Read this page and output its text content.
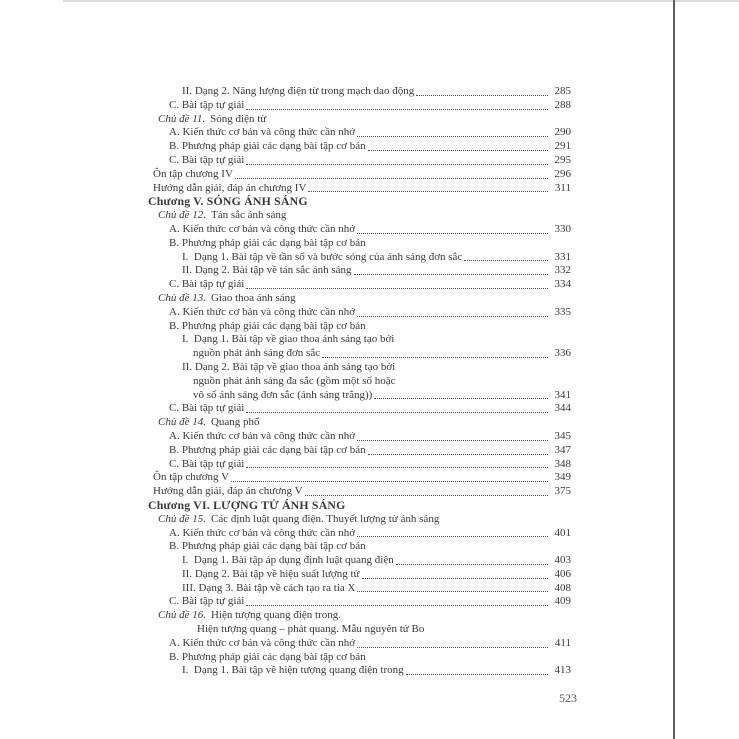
II. Dạng 2. Năng lượng điện từ trong mạch dao động	285
C. Bài tập tự giải	288
Chủ đề 11. Sóng điện từ
A. Kiến thức cơ bản và công thức cần nhớ	290
B. Phương pháp giải các dạng bài tập cơ bản	291
C. Bài tập tự giải	295
Ôn tập chương IV	296
Hướng dẫn giải, đáp án chương IV	311
Chương V. SÓNG ÁNH SÁNG
Chủ đề 12. Tán sắc ánh sáng
A. Kiến thức cơ bản và công thức cần nhớ	330
B. Phương pháp giải các dạng bài tập cơ bản
I.  Dạng 1. Bài tập về tần số và bước sóng của ánh sáng đơn sắc	331
II. Dạng 2. Bài tập về tán sắc ánh sáng	332
C. Bài tập tự giải	334
Chủ đề 13. Giao thoa ánh sáng
A. Kiến thức cơ bản và công thức cần nhớ	335
B. Phương pháp giải các dạng bài tập cơ bản
I.  Dạng 1. Bài tập về giao thoa ánh sáng tạo bởi
nguồn phát ánh sáng đơn sắc	336
II. Dạng 2. Bài tập về giao thoa ánh sáng tạo bởi
nguồn phát ánh sáng đa sắc (gồm một số hoặc
vô số ánh sáng đơn sắc (ánh sáng trắng))	341
C. Bài tập tự giải	344
Chủ đề 14. Quang phổ
A. Kiến thức cơ bản và công thức cần nhớ	345
B. Phương pháp giải các dạng bài tập cơ bản	347
C. Bài tập tự giải	348
Ôn tập chương V	349
Hướng dẫn giải, đáp án chương V	375
Chương VI. LƯỢNG TỬ ÁNH SÁNG
Chủ đề 15. Các định luật quang điện. Thuyết lượng tử ánh sáng
A. Kiến thức cơ bản và công thức cần nhớ	401
B. Phương pháp giải các dạng bài tập cơ bản
I.  Dạng 1. Bài tập áp dụng định luật quang điện	403
II. Dạng 2. Bài tập về hiệu suất lượng tử	406
III. Dạng 3. Bài tập về cách tạo ra tia X	408
C. Bài tập tự giải	409
Chủ đề 16. Hiện tượng quang điện trong.
Hiện tượng quang – phát quang. Mẫu nguyên tử Bo
A. Kiến thức cơ bản và công thức cần nhớ	411
B. Phương pháp giải các dạng bài tập cơ bản
I.  Dạng 1. Bài tập về hiện tượng quang điện trong	413
523
